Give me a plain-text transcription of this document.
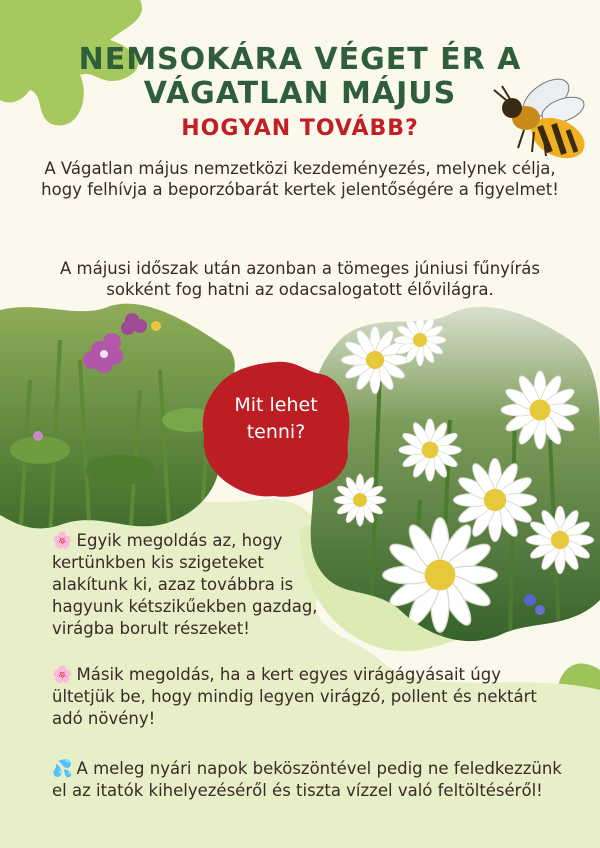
NEMSOKÁRA VÉGET ÉR A
VÁGATLAN MÁJUS
HOGYAN TOVÁBB?
A Vágatlan május nemzetközi kezdeményezés, melynek célja, hogy felhívja a beporzóbarát kertek jelentőségére a figyelmet!
A májusi időszak után azonban a tömeges júniusi fűnyírás sokként fog hatni az odacsalogatott élővilágra.
Mit lehet
tenni?
🌸 Egyik megoldás az, hogy kertünkben kis szigeteket alakítunk ki, azaz továbbra is hagyunk kétszikűekben gazdag, virágba borult részeket!
🌸 Másik megoldás, ha a kert egyes virágágyásait úgy ültetjük be, hogy mindig legyen virágzó, pollent és nektárt adó növény!
💦 A meleg nyári napok beköszöntével pedig ne feledkezzünk el az itatók kihelyezéséről és tiszta vízzel való feltöltéséről!
